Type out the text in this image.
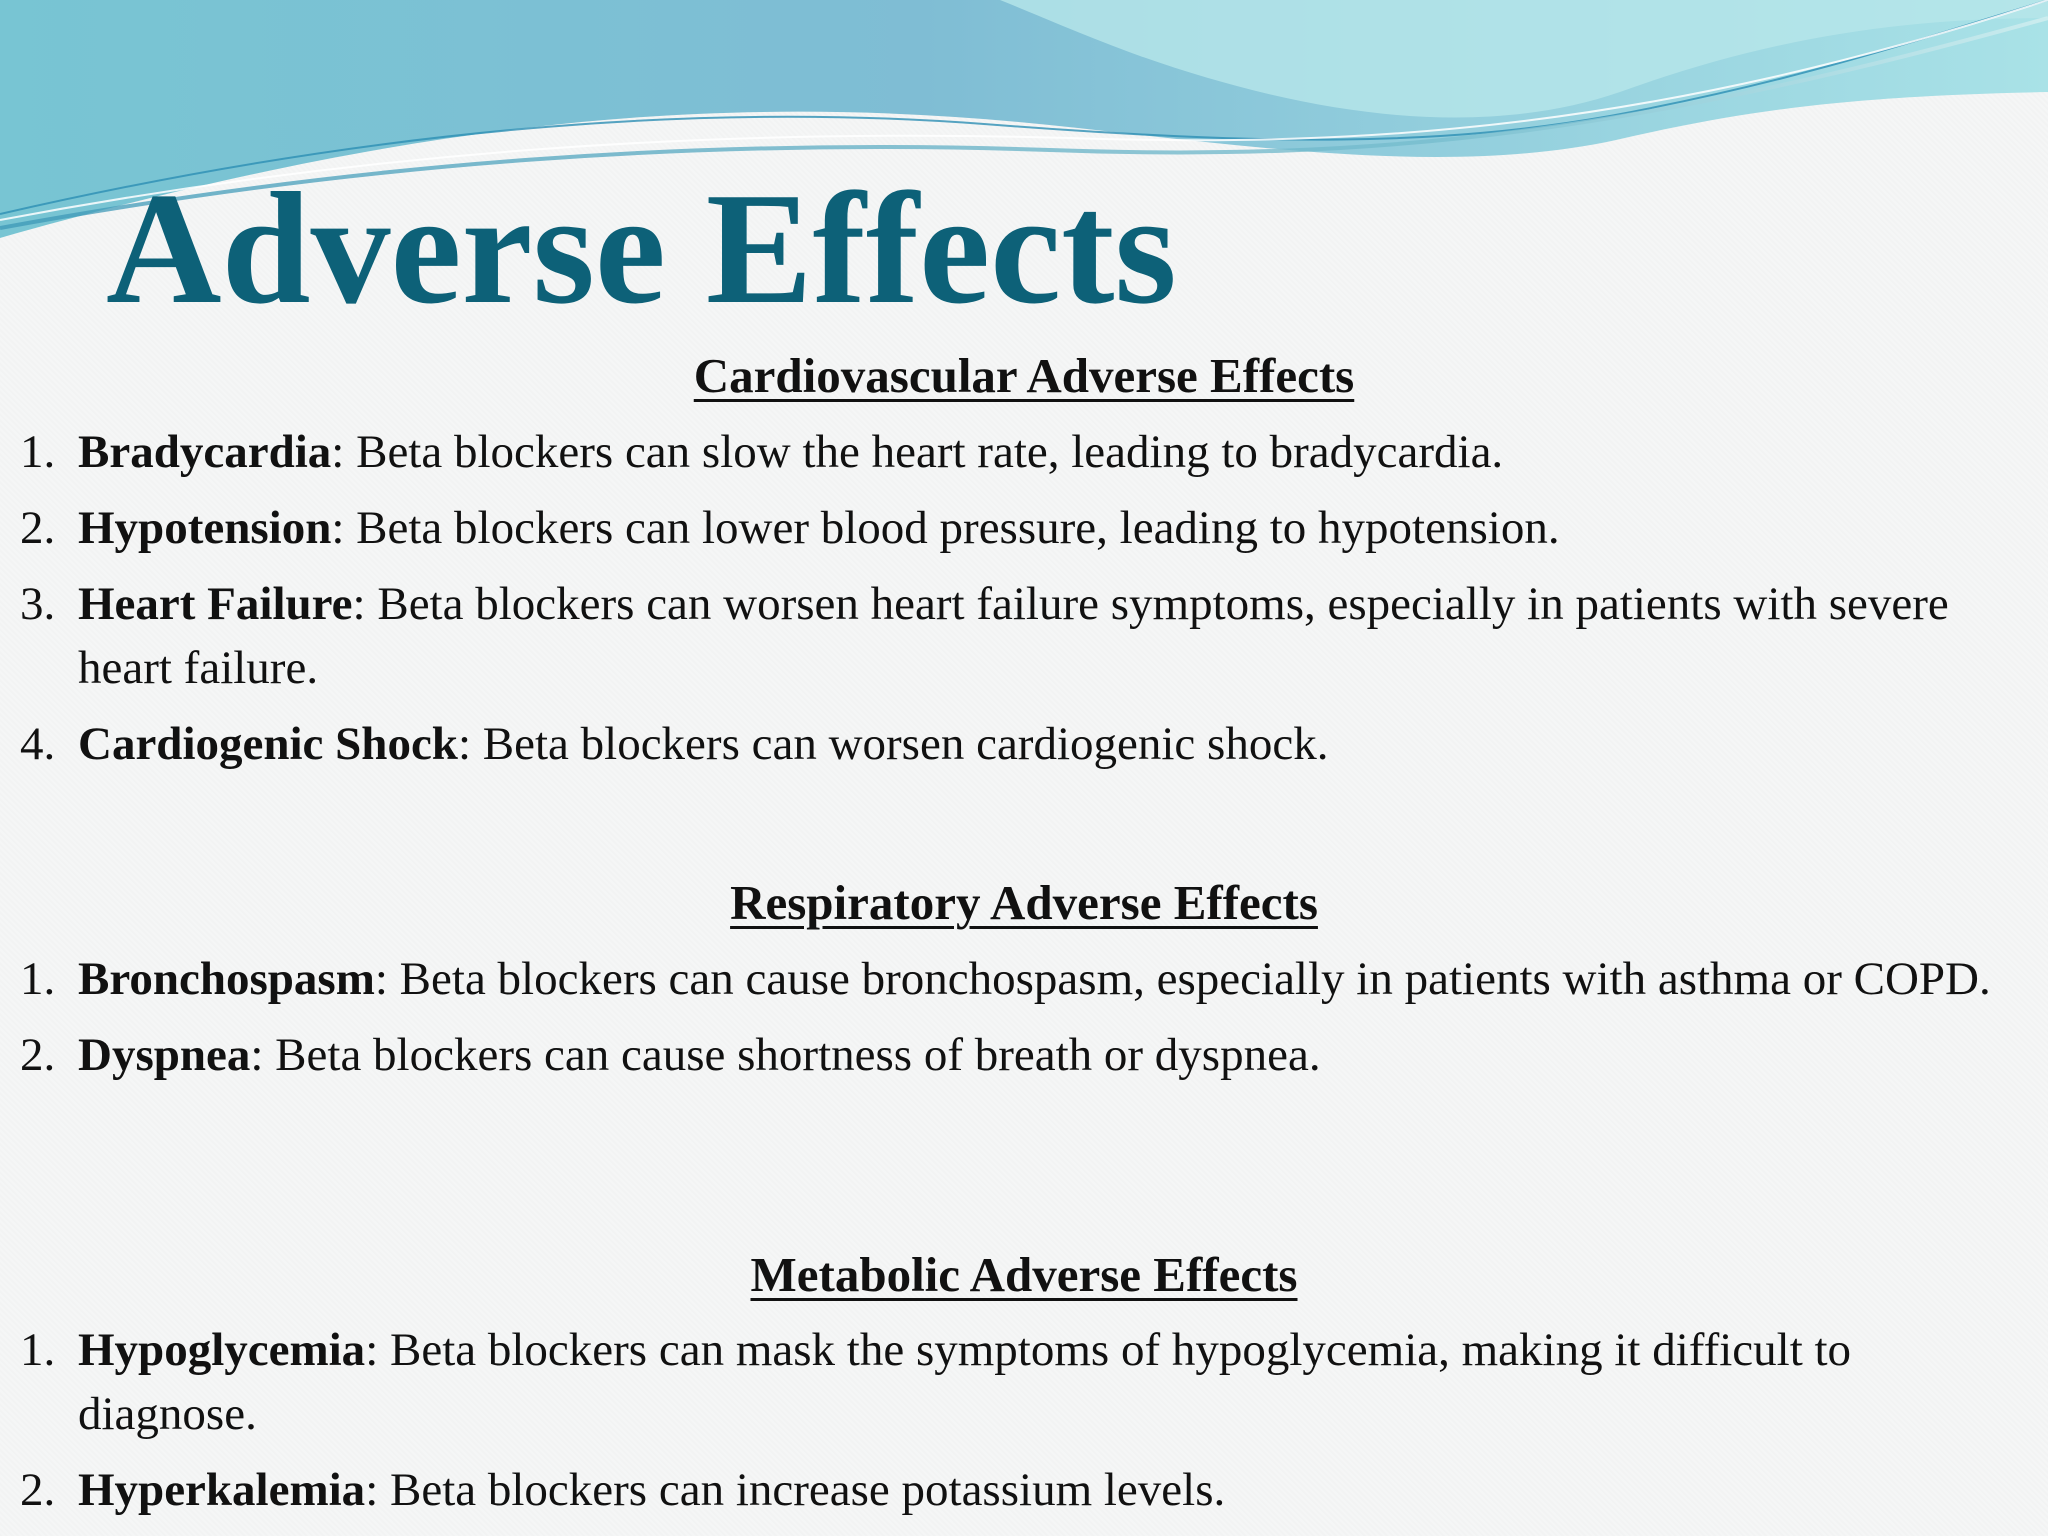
Adverse Effects
Cardiovascular Adverse Effects
1. Bradycardia: Beta blockers can slow the heart rate, leading to bradycardia.
2. Hypotension: Beta blockers can lower blood pressure, leading to hypotension.
3. Heart Failure: Beta blockers can worsen heart failure symptoms, especially in patients with severe heart failure.
4. Cardiogenic Shock: Beta blockers can worsen cardiogenic shock.
Respiratory Adverse Effects
1. Bronchospasm: Beta blockers can cause bronchospasm, especially in patients with asthma or COPD.
2. Dyspnea: Beta blockers can cause shortness of breath or dyspnea.
Metabolic Adverse Effects
1. Hypoglycemia: Beta blockers can mask the symptoms of hypoglycemia, making it difficult to diagnose.
2. Hyperkalemia: Beta blockers can increase potassium levels.
